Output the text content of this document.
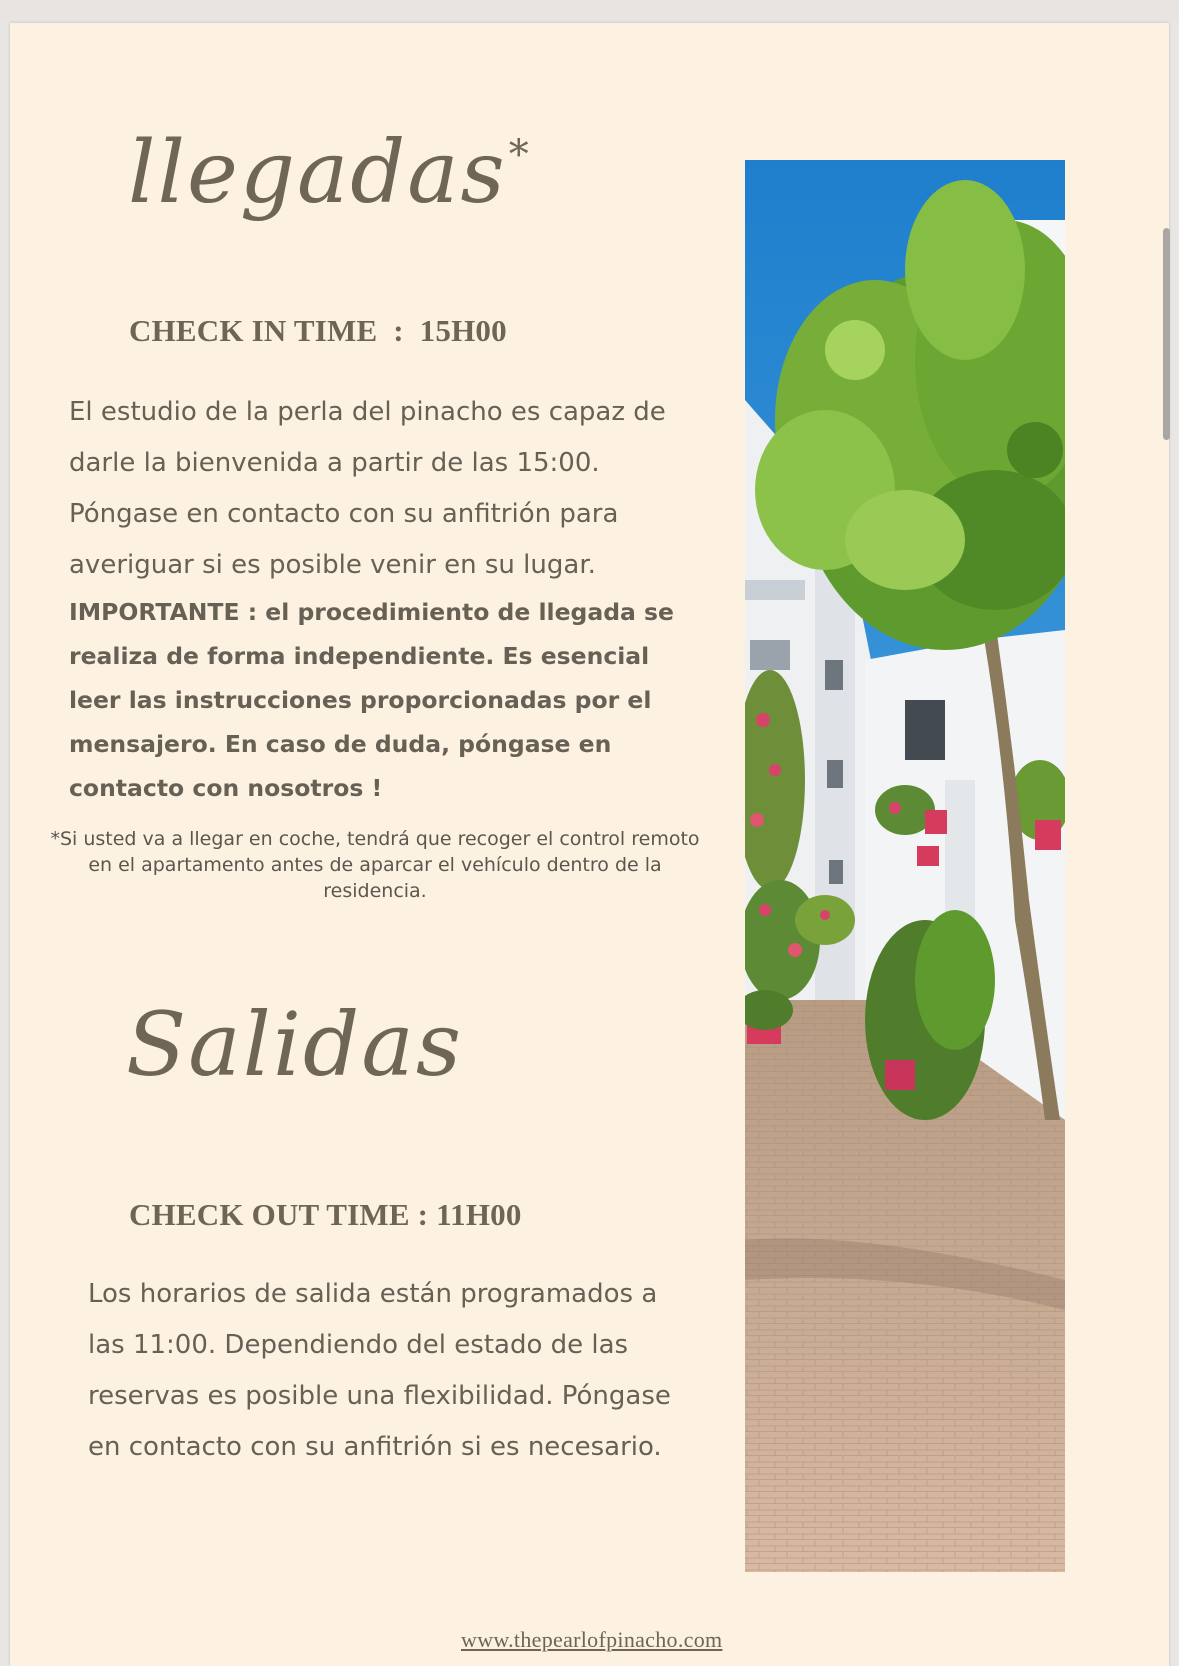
llegadas*
CHECK IN TIME  :  15H00
El estudio de la perla del pinacho es capaz de darle la bienvenida a partir de las 15:00. Póngase en contacto con su anfitrión para averiguar si es posible venir en su lugar.
IMPORTANTE : el procedimiento de llegada se realiza de forma independiente. Es esencial leer las instrucciones proporcionadas por el mensajero. En caso de duda, póngase en contacto con nosotros !
*Si usted va a llegar en coche, tendrá que recoger el control remoto en el apartamento antes de aparcar el vehículo dentro de la residencia.
Salidas
CHECK OUT TIME : 11H00
Los horarios de salida están programados a las 11:00. Dependiendo del estado de las reservas es posible una flexibilidad. Póngase en contacto con su anfitrión si es necesario.
www.thepearlofpinacho.com
